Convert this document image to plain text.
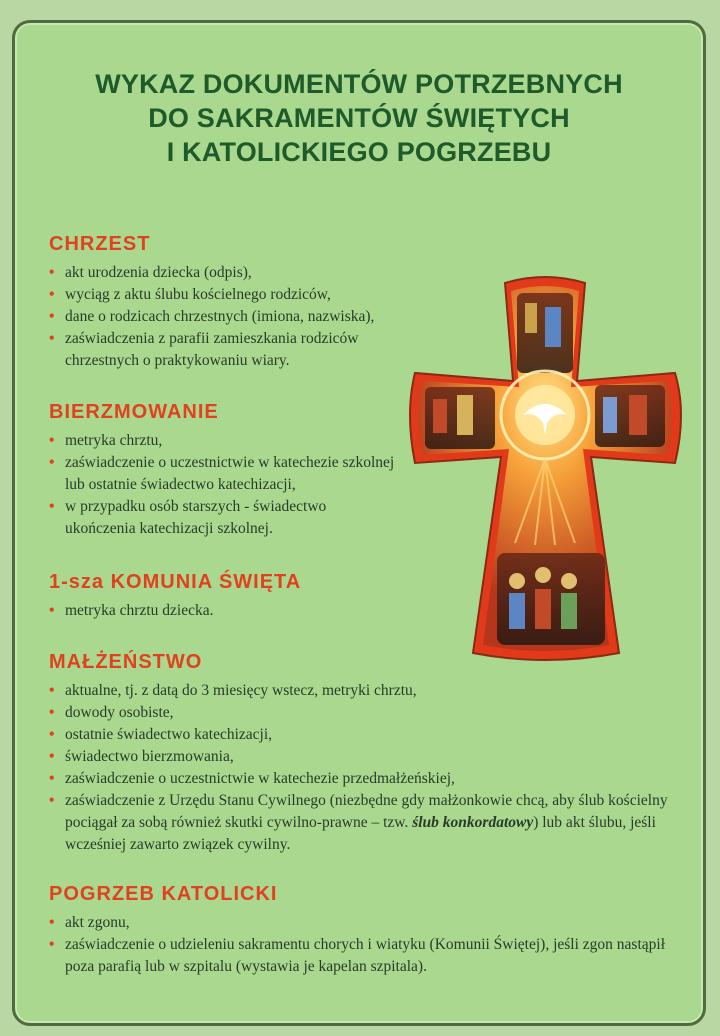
WYKAZ DOKUMENTÓW POTRZEBNYCH
DO SAKRAMENTÓW ŚWIĘTYCH
I KATOLICKIEGO POGRZEBU
CHRZEST
• akt urodzenia dziecka (odpis),
• wyciąg z aktu ślubu kościelnego rodziców,
• dane o rodzicach chrzestnych (imiona, nazwiska),
• zaświadczenia z parafii zamieszkania rodziców chrzestnych o praktykowaniu wiary.
BIERZMOWANIE
• metryka chrztu,
• zaświadczenie o uczestnictwie w katechezie szkolnej lub ostatnie świadectwo katechizacji,
• w przypadku osób starszych - świadectwo ukończenia katechizacji szkolnej.
1-sza KOMUNIA ŚWIĘTA
• metryka chrztu dziecka.
MAŁŻEŃSTWO
• aktualne, tj. z datą do 3 miesięcy wstecz, metryki chrztu,
• dowody osobiste,
• ostatnie świadectwo katechizacji,
• świadectwo bierzmowania,
• zaświadczenie o uczestnictwie w katechezie przedmałżeńskiej,
• zaświadczenie z Urzędu Stanu Cywilnego (niezbędne gdy małżonkowie chcą, aby ślub kościelny pociągał za sobą również skutki cywilno-prawne – tzw. ślub konkordatowy) lub akt ślubu, jeśli wcześniej zawarto związek cywilny.
POGRZEB KATOLICKI
• akt zgonu,
• zaświadczenie o udzieleniu sakramentu chorych i wiatyku (Komunii Świętej), jeśli zgon nastąpił poza parafią lub w szpitalu (wystawia je kapelan szpitala).
